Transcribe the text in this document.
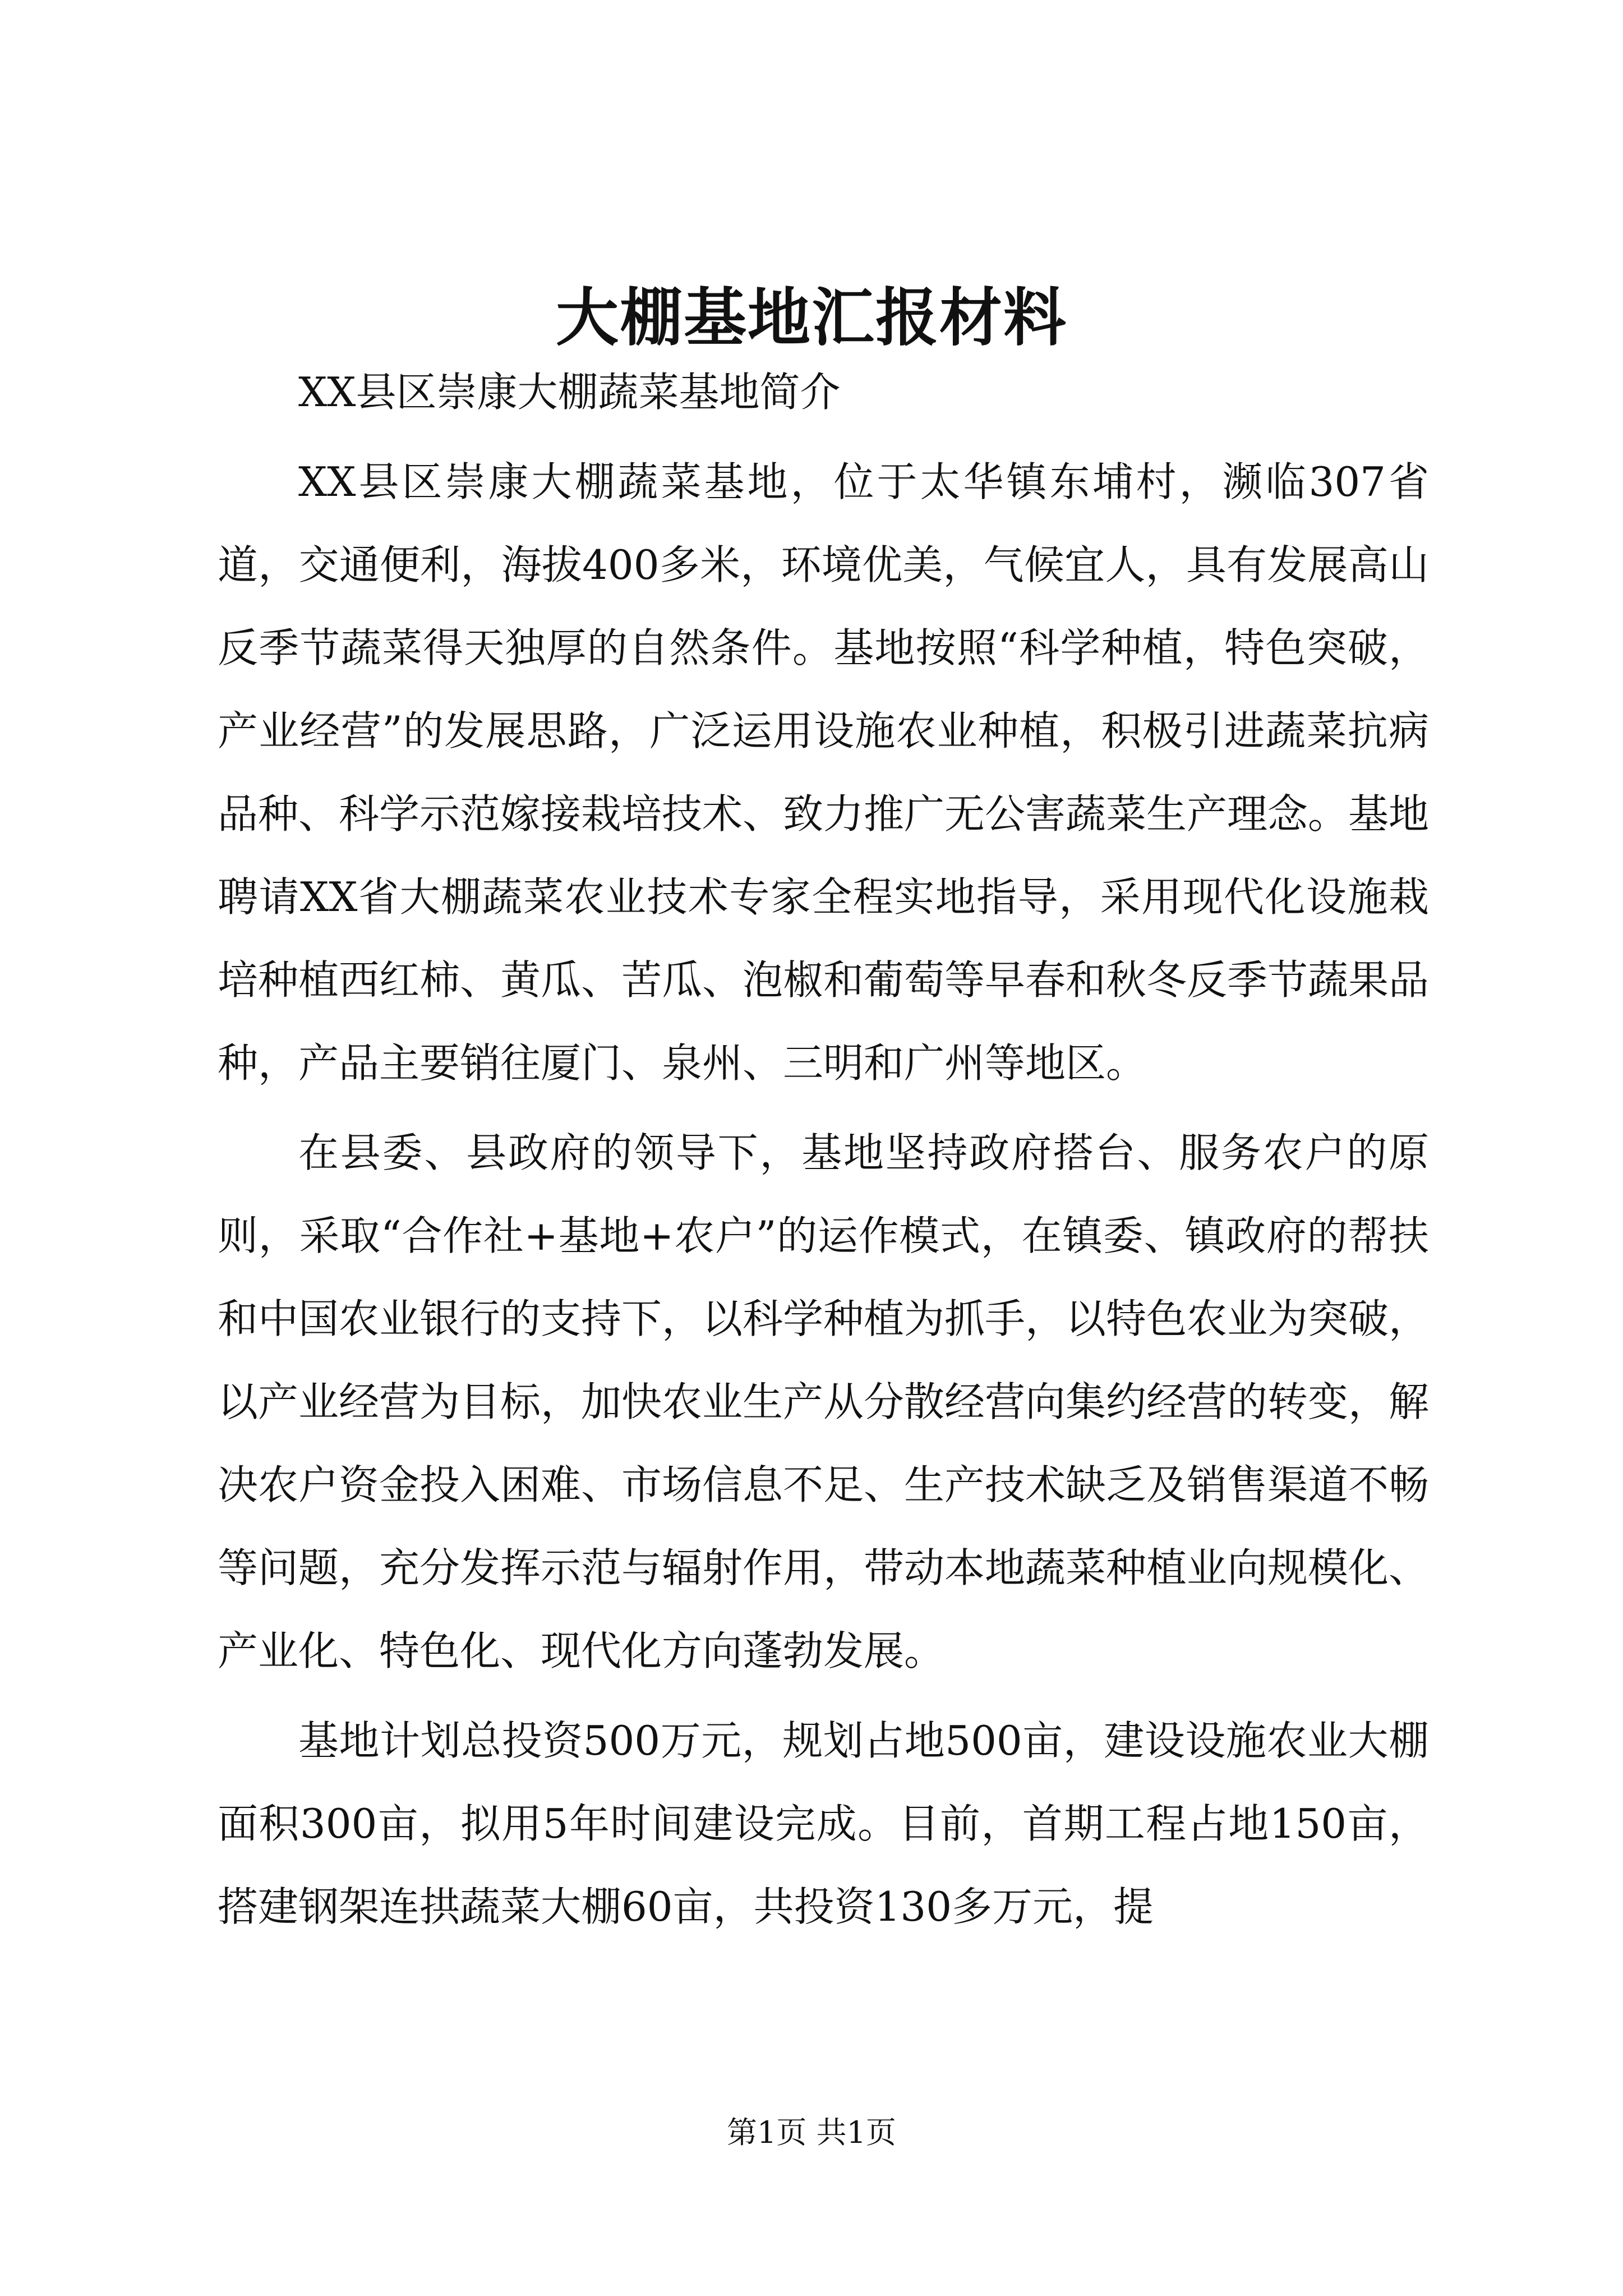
大棚基地汇报材料

XX县区崇康大棚蔬菜基地简介

XX县区崇康大棚蔬菜基地，位于太华镇东埔村，濒临307省道，交通便利，海拔400多米，环境优美，气候宜人，具有发展高山反季节蔬菜得天独厚的自然条件。基地按照“科学种植，特色突破，产业经营”的发展思路，广泛运用设施农业种植，积极引进蔬菜抗病品种、科学示范嫁接栽培技术、致力推广无公害蔬菜生产理念。基地聘请XX省大棚蔬菜农业技术专家全程实地指导，采用现代化设施栽培种植西红柿、黄瓜、苦瓜、泡椒和葡萄等早春和秋冬反季节蔬果品种，产品主要销往厦门、泉州、三明和广州等地区。

在县委、县政府的领导下，基地坚持政府搭台、服务农户的原则，采取“合作社+基地+农户”的运作模式，在镇委、镇政府的帮扶和中国农业银行的支持下，以科学种植为抓手，以特色农业为突破，以产业经营为目标，加快农业生产从分散经营向集约经营的转变，解决农户资金投入困难、市场信息不足、生产技术缺乏及销售渠道不畅等问题，充分发挥示范与辐射作用，带动本地蔬菜种植业向规模化、产业化、特色化、现代化方向蓬勃发展。

基地计划总投资500万元，规划占地500亩，建设设施农业大棚面积300亩，拟用5年时间建设完成。目前，首期工程占地150亩，搭建钢架连拱蔬菜大棚60亩，共投资130多万元，提

第1页 共1页
